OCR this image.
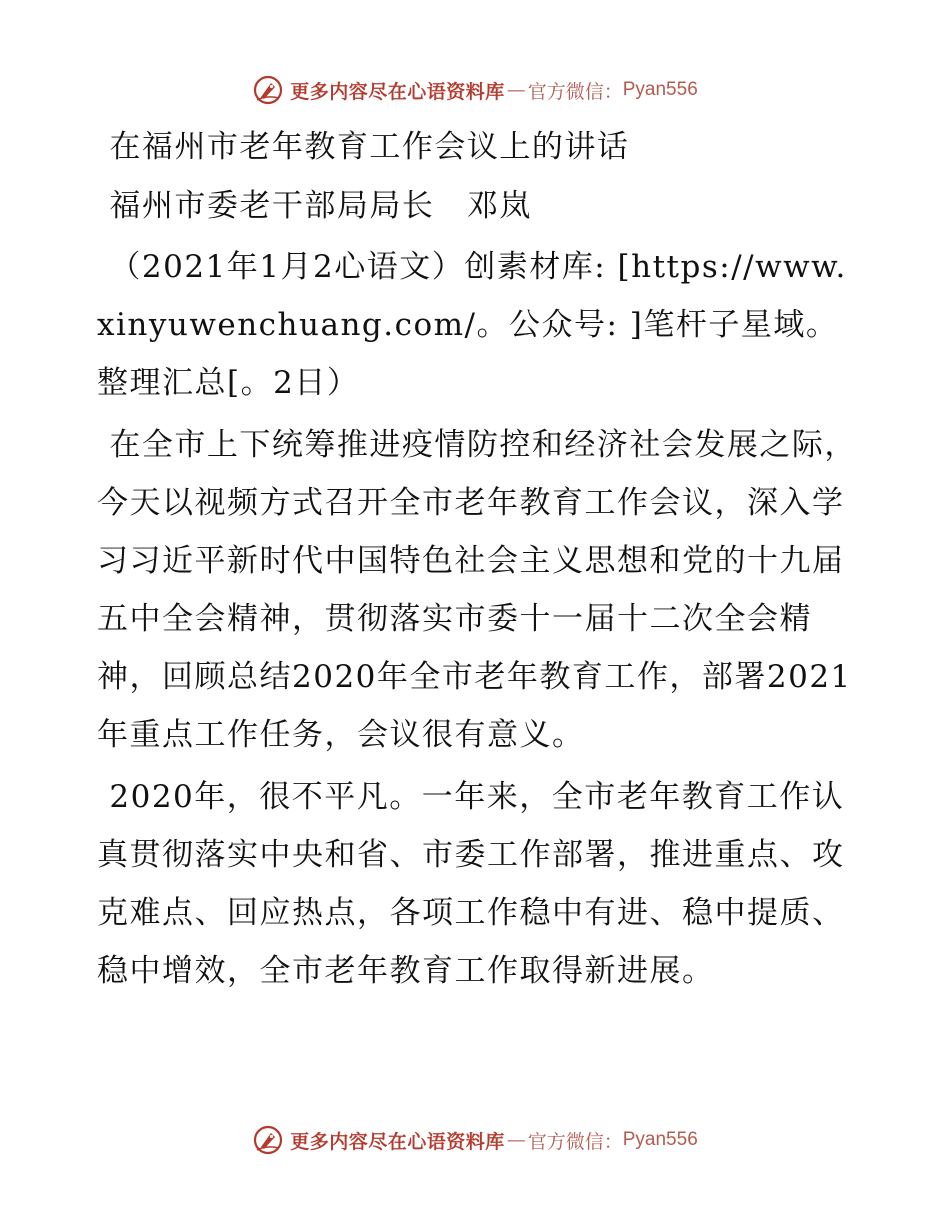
更多内容尽在心语资料库 — 官方微信： Pyan556

在福州市老年教育工作会议上的讲话

福州市委老干部局局长　邓岚

（2021年1月2心语文）创素材库: [https://www.xinyuwenchuang.com/。公众号: ]笔杆子星域。整理汇总[。2日）

在全市上下统筹推进疫情防控和经济社会发展之际，今天以视频方式召开全市老年教育工作会议，深入学习习近平新时代中国特色社会主义思想和党的十九届五中全会精神，贯彻落实市委十一届十二次全会精神，回顾总结2020年全市老年教育工作，部署2021年重点工作任务，会议很有意义。

2020年，很不平凡。一年来，全市老年教育工作认真贯彻落实中央和省、市委工作部署，推进重点、攻克难点、回应热点，各项工作稳中有进、稳中提质、稳中增效，全市老年教育工作取得新进展。

更多内容尽在心语资料库 — 官方微信： Pyan556
